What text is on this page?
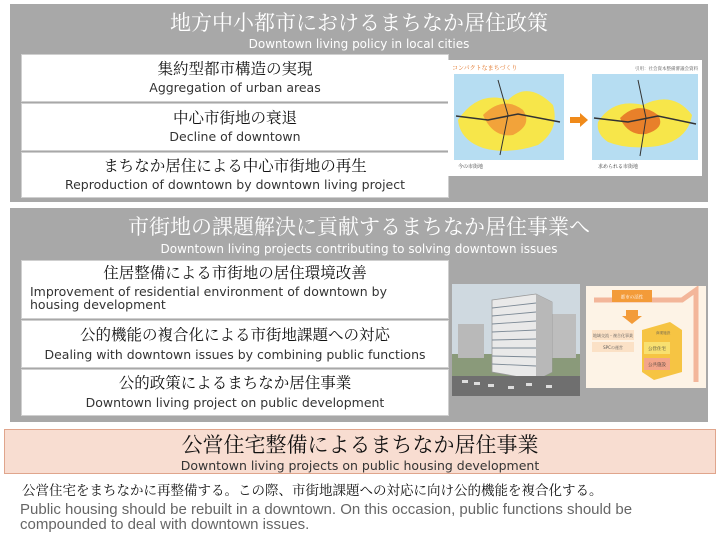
地方中小都市におけるまちなか居住政策
Downtown living policy in local cities
集約型都市構造の実現
Aggregation of urban areas
中心市街地の衰退
Decline of downtown
まちなか居住による中心市街地の再生
Reproduction of downtown by downtown living project
コンパクトなまちづくり	引用：社会資本整備審議会資料
今の市街地	求められる市街地
市街地の課題解決に貢献するまちなか居住事業へ
Downtown living projects contributing to solving downtown issues
住居整備による市街地の居住環境改善
Improvement of residential environment of downtown by housing development
公的機能の複合化による市街地課題への対応
Dealing with downtown issues by combining public functions
公的政策によるまちなか居住事業
Downtown living project on public development
都市の活性
地域交流・複合化事業
SPCの運営	公営住宅
公共施設
商業施設
公営住宅整備によるまちなか居住事業
Downtown living projects on public housing development
公営住宅をまちなかに再整備する。この際、市街地課題への対応に向け公的機能を複合化する。
Public housing should be rebuilt in a downtown. On this occasion, public functions should be compounded to deal with downtown issues.
